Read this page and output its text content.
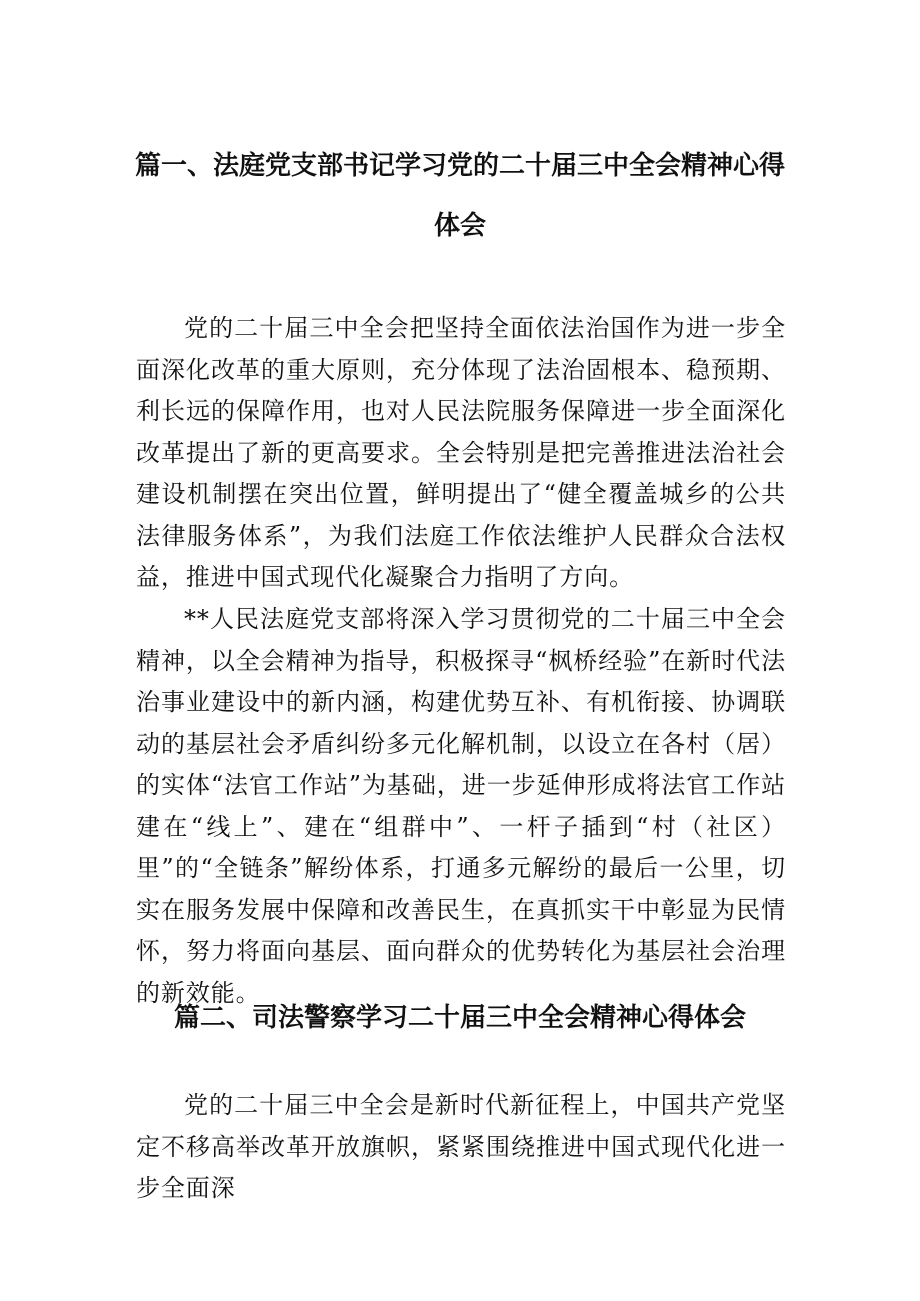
篇一、法庭党支部书记学习党的二十届三中全会精神心得
体会

党的二十届三中全会把坚持全面依法治国作为进一步全面深化改革的重大原则，充分体现了法治固根本、稳预期、利长远的保障作用，也对人民法院服务保障进一步全面深化改革提出了新的更高要求。全会特别是把完善推进法治社会建设机制摆在突出位置，鲜明提出了“健全覆盖城乡的公共法律服务体系”，为我们法庭工作依法维护人民群众合法权益，推进中国式现代化凝聚合力指明了方向。

**人民法庭党支部将深入学习贯彻党的二十届三中全会精神，以全会精神为指导，积极探寻“枫桥经验”在新时代法治事业建设中的新内涵，构建优势互补、有机衔接、协调联动的基层社会矛盾纠纷多元化解机制，以设立在各村（居）的实体“法官工作站”为基础，进一步延伸形成将法官工作站建在“线上”、建在“组群中”、一杆子插到“村（社区）里”的“全链条”解纷体系，打通多元解纷的最后一公里，切实在服务发展中保障和改善民生，在真抓实干中彰显为民情怀，努力将面向基层、面向群众的优势转化为基层社会治理的新效能。

篇二、司法警察学习二十届三中全会精神心得体会

党的二十届三中全会是新时代新征程上，中国共产党坚定不移高举改革开放旗帜，紧紧围绕推进中国式现代化进一步全面深
